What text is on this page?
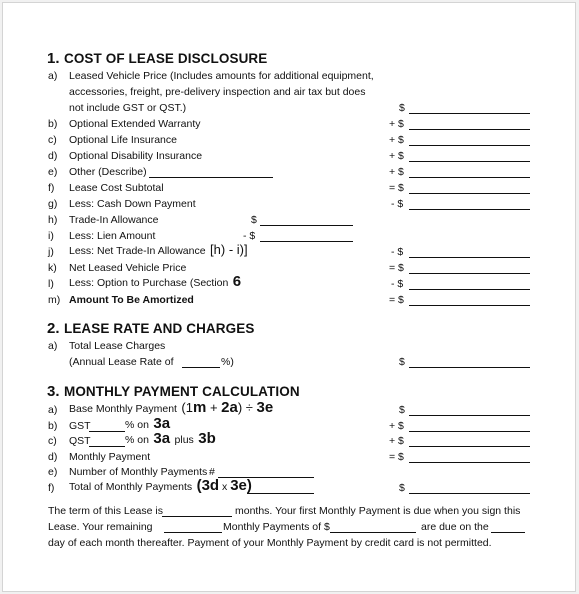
1. COST OF LEASE DISCLOSURE
a) Leased Vehicle Price (Includes amounts for additional equipment,
accessories, freight, pre-delivery inspection and air tax but does
not include GST or QST.)	$
b) Optional Extended Warranty	+ $
c) Optional Life Insurance	+ $
d) Optional Disability Insurance	+ $
e) Other (Describe)	+ $
f) Lease Cost Subtotal	= $
g) Less: Cash Down Payment	- $
h) Trade-In Allowance	$
i) Less: Lien Amount	- $
j) Less: Net Trade-In Allowance [h) - i)]	- $
k) Net Leased Vehicle Price	= $
l) Less: Option to Purchase (Section 6	- $
m) Amount To Be Amortized	= $
2. LEASE RATE AND CHARGES
a) Total Lease Charges
(Annual Lease Rate of	%)	$
3. MONTHLY PAYMENT CALCULATION
a) Base Monthly Payment (1m + 2a) ÷ 3e	$
b) GST	% on 3a	+ $
c) QST	% on 3a plus 3b	+ $
d) Monthly Payment	= $
e) Number of Monthly Payments #
f) Total of Monthly Payments (3d x 3e)	$
The term of this Lease is	months. Your first Monthly Payment is due when you sign this
Lease. Your remaining	Monthly Payments of $	are due on the
day of each month thereafter. Payment of your Monthly Payment by credit card is not permitted.
